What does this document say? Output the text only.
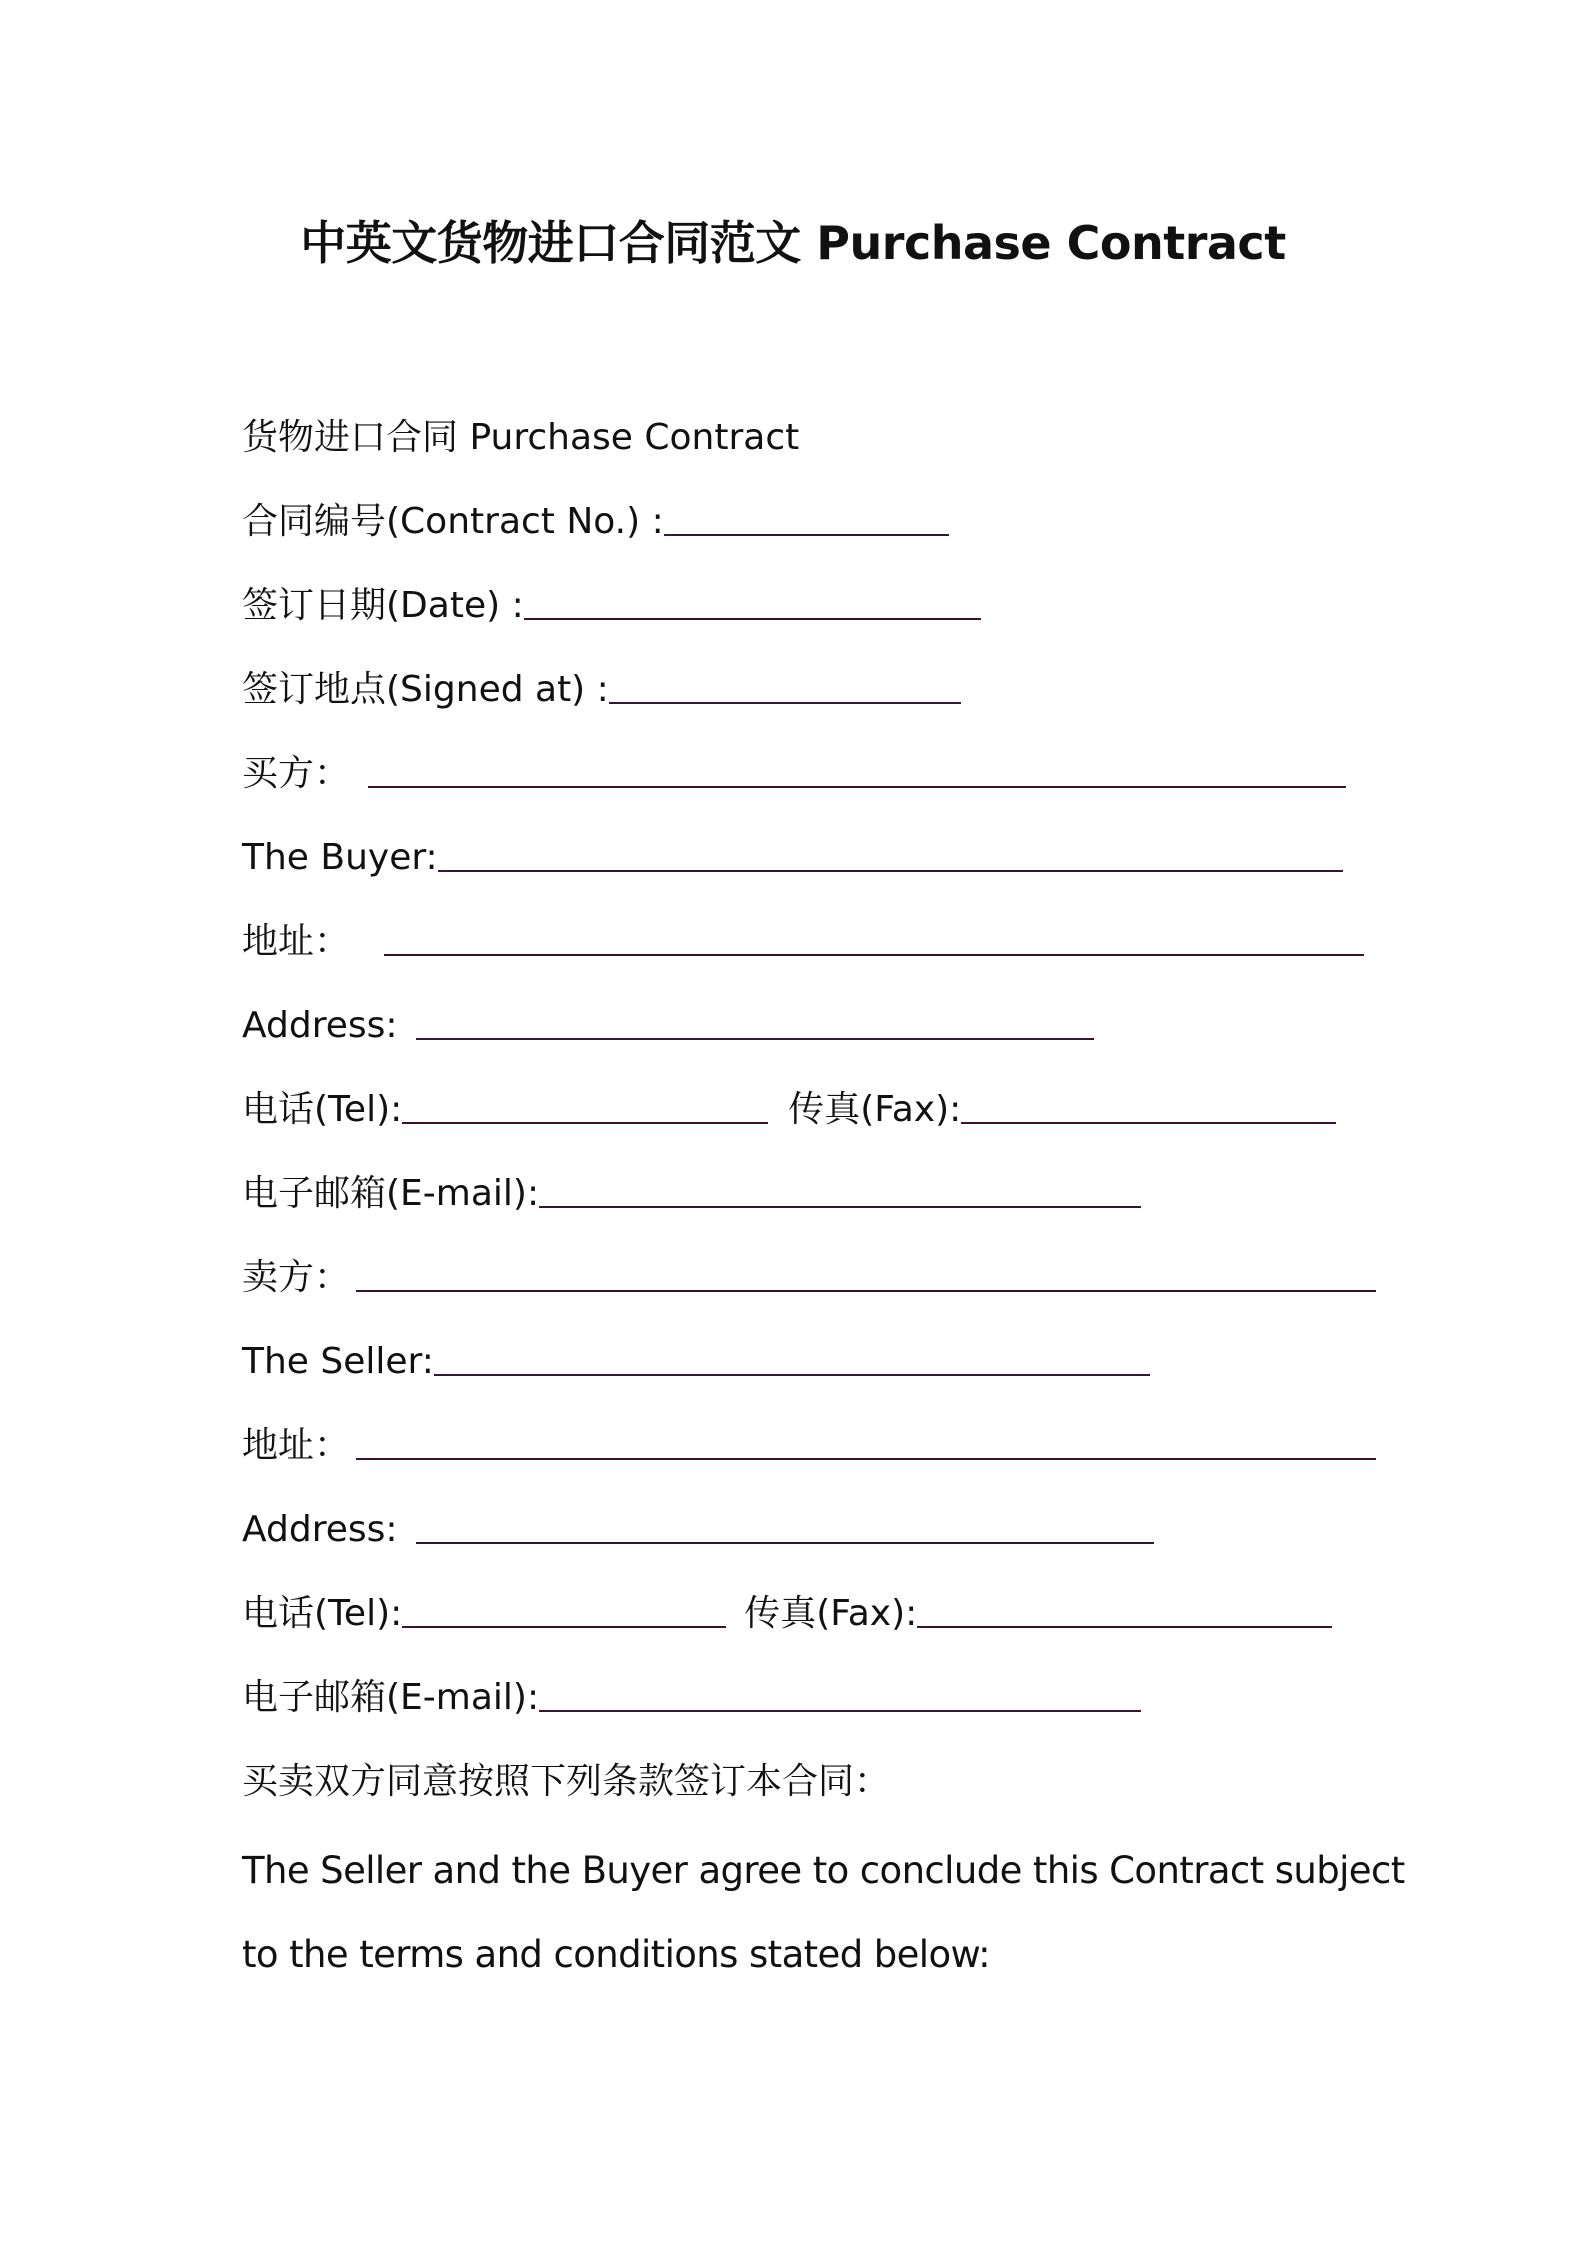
中英文货物进口合同范文 Purchase Contract
货物进口合同 Purchase Contract
合同编号(Contract No.) :
签订日期(Date) :
签订地点(Signed at) :
买方：
The Buyer:
地址：
Address:
电话(Tel):	传真(Fax):
电子邮箱(E-mail):
卖方：
The Seller:
地址：
Address:
电话(Tel):	传真(Fax):
电子邮箱(E-mail):
买卖双方同意按照下列条款签订本合同：
The Seller and the Buyer agree to conclude this Contract subject
to the terms and conditions stated below:
